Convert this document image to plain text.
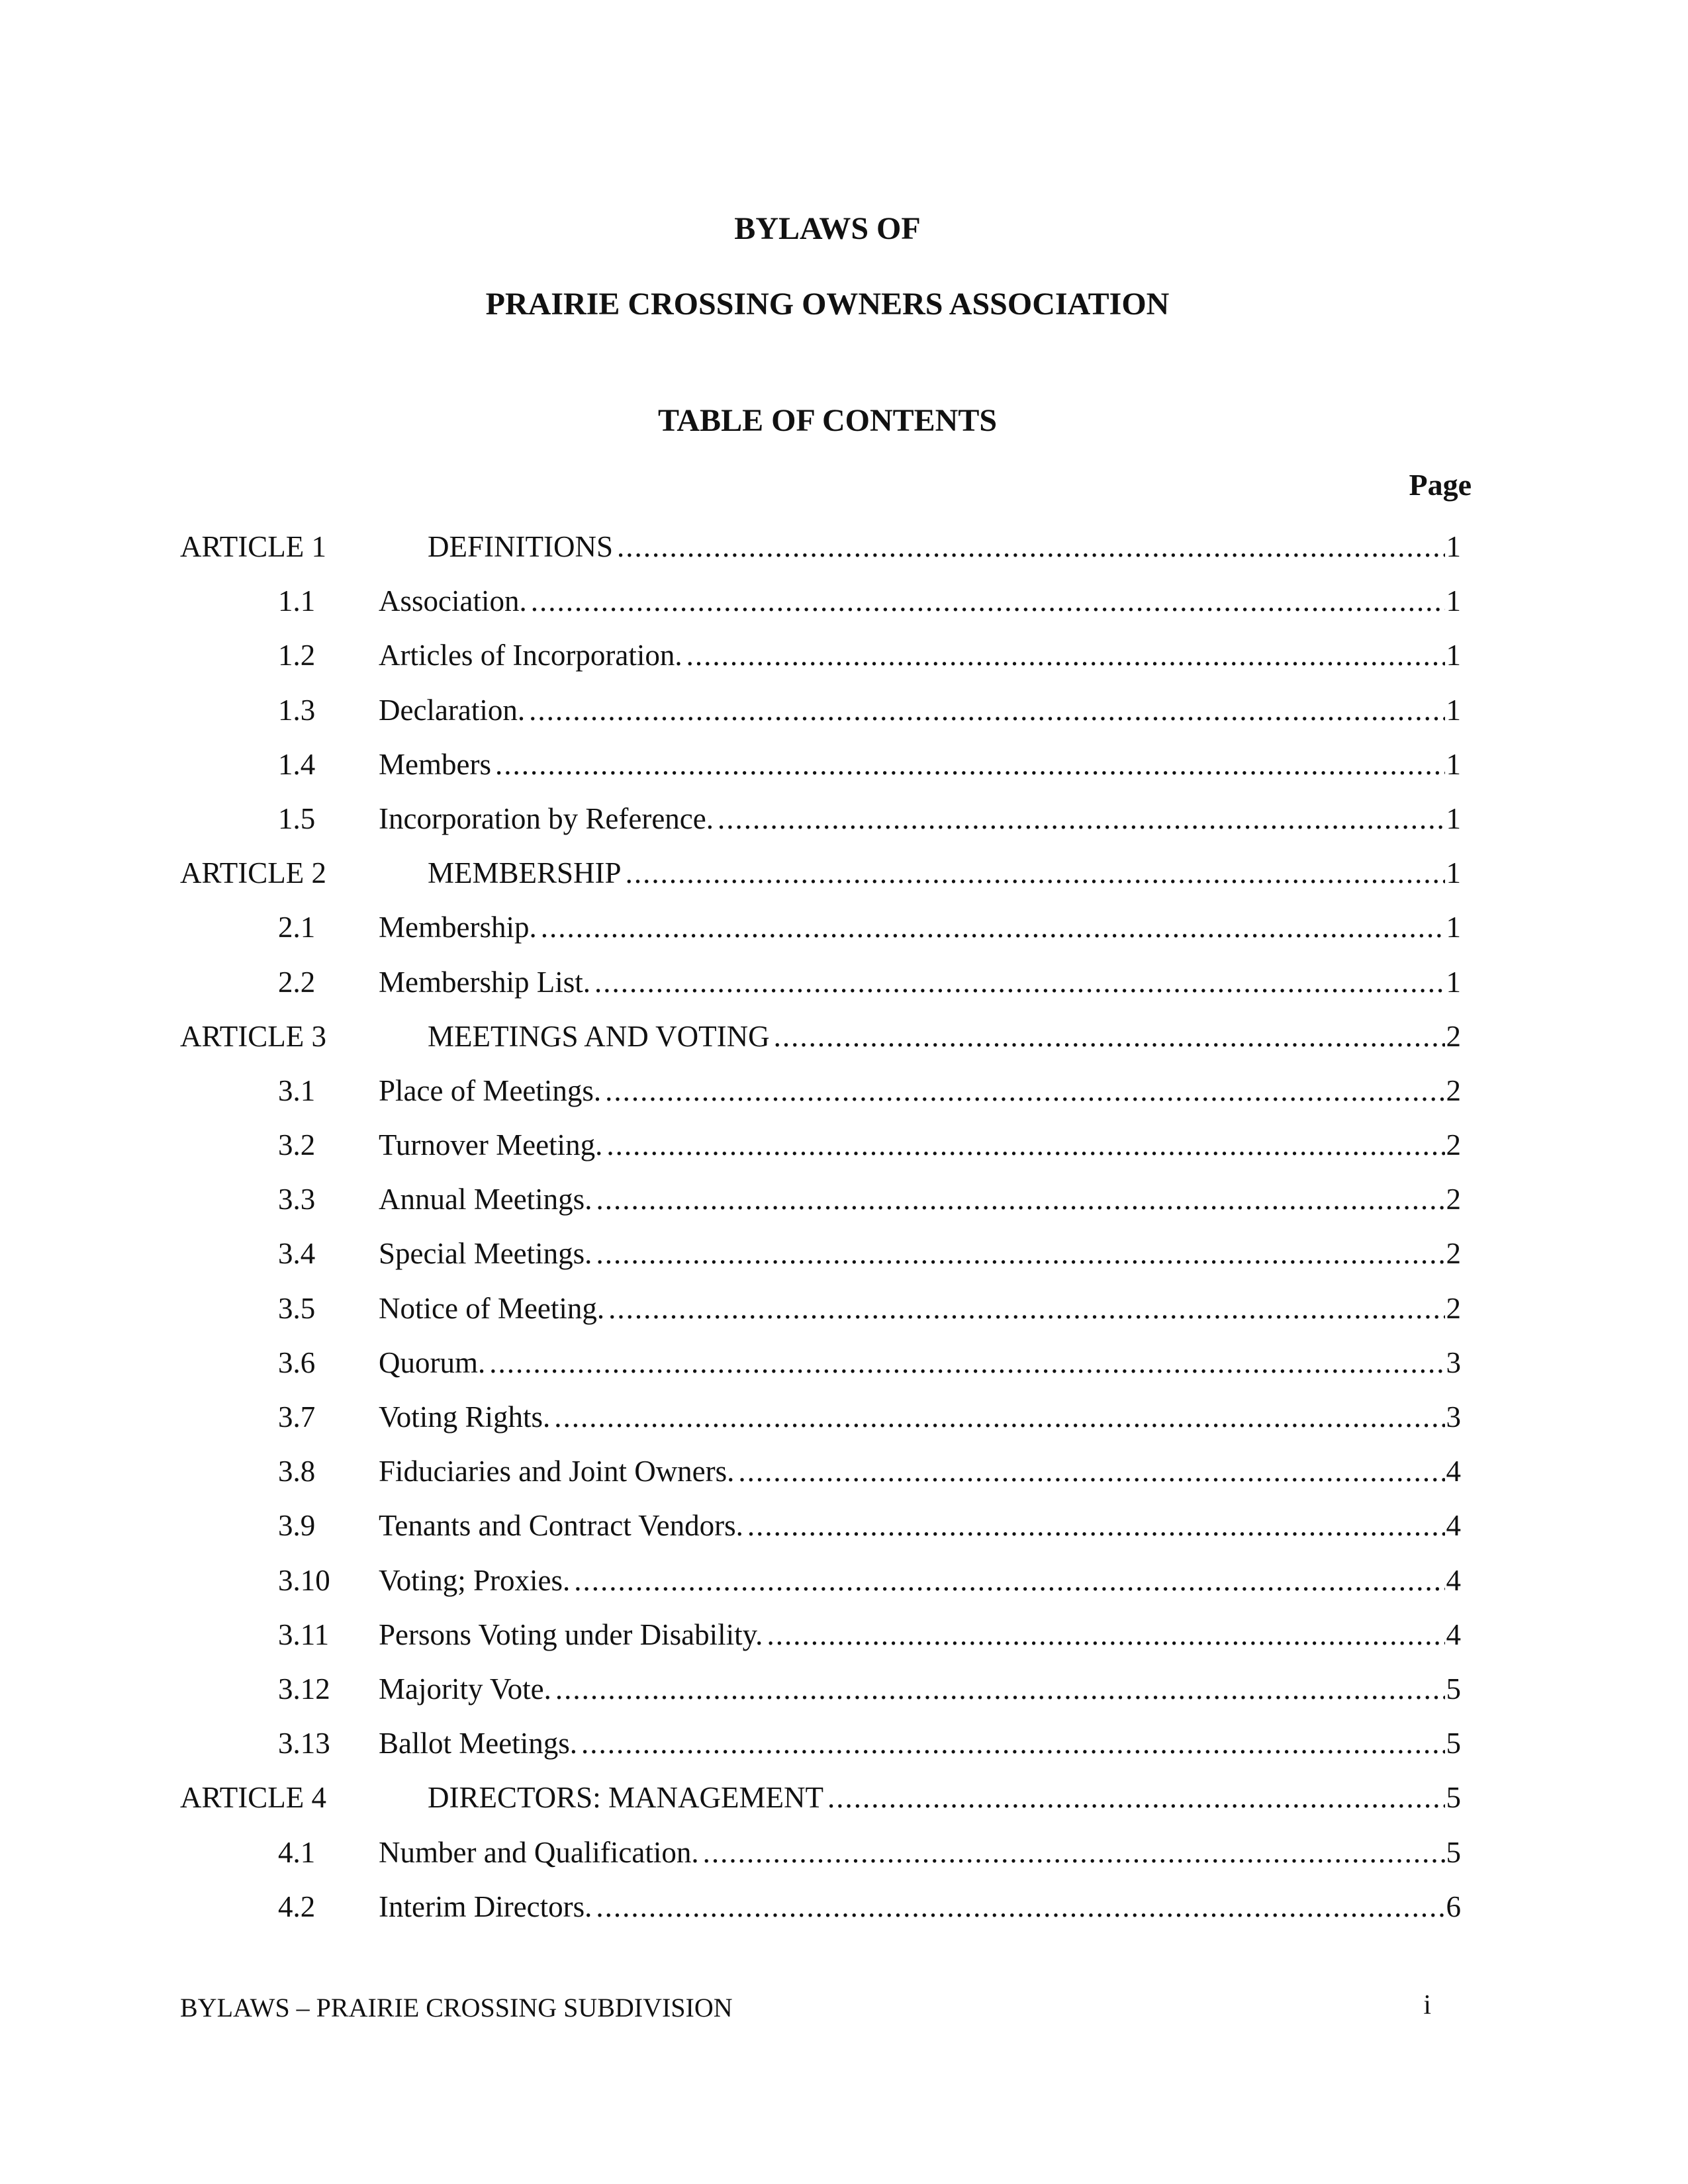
BYLAWS OF
PRAIRIE CROSSING OWNERS ASSOCIATION
TABLE OF CONTENTS
Page
ARTICLE 1	DEFINITIONS .....	1
1.1 Association. .....	1
1.2 Articles of Incorporation. .....	1
1.3 Declaration. .....	1
1.4 Members .....	1
1.5 Incorporation by Reference. .....	1
ARTICLE 2	MEMBERSHIP .....	1
2.1 Membership. .....	1
2.2 Membership List. .....	1
ARTICLE 3	MEETINGS AND VOTING .....	2
3.1 Place of Meetings. .....	2
3.2 Turnover Meeting. .....	2
3.3 Annual Meetings. .....	2
3.4 Special Meetings. .....	2
3.5 Notice of Meeting. .....	2
3.6 Quorum. .....	3
3.7 Voting Rights. .....	3
3.8 Fiduciaries and Joint Owners. .....	4
3.9 Tenants and Contract Vendors. .....	4
3.10 Voting; Proxies. .....	4
3.11 Persons Voting under Disability. .....	4
3.12 Majority Vote. .....	5
3.13 Ballot Meetings. .....	5
ARTICLE 4	DIRECTORS: MANAGEMENT .....	5
4.1 Number and Qualification. .....	5
4.2 Interim Directors. .....	6
BYLAWS – PRAIRIE CROSSING SUBDIVISION	i
